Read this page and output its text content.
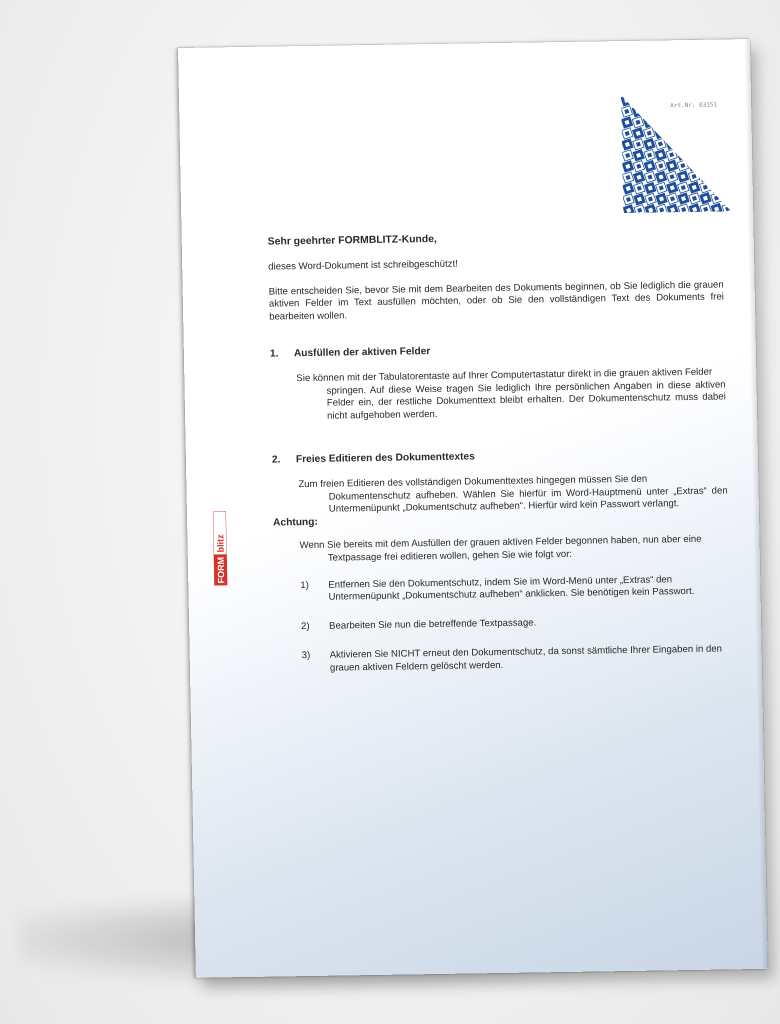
Art.Nr. 03151
FORM
blitz

Sehr geehrter FORMBLITZ-Kunde,

dieses Word-Dokument ist schreibgeschützt!

Bitte entscheiden Sie, bevor Sie mit dem Bearbeiten des Dokuments beginnen, ob Sie lediglich die grauen aktiven Felder im Text ausfüllen möchten, oder ob Sie den vollständigen Text des Dokuments frei bearbeiten wollen.

1.	Ausfüllen der aktiven Felder
Sie können mit der Tabulatorentaste auf Ihrer Computertastatur direkt in die grauen aktiven Felder
springen. Auf diese Weise tragen Sie lediglich Ihre persönlichen Angaben in diese aktiven Felder ein, der restliche Dokumenttext bleibt erhalten. Der Dokumentenschutz muss dabei nicht aufgehoben werden.
2.	Freies Editieren des Dokumenttextes
Zum freien Editieren des vollständigen Dokumenttextes hingegen müssen Sie den
Dokumentenschutz aufheben. Wählen Sie hierfür im Word-Hauptmenü unter „Extras“ den Untermenüpunkt „Dokumentschutz aufheben“. Hierfür wird kein Passwort verlangt.

Achtung:

Wenn Sie bereits mit dem Ausfüllen der grauen aktiven Felder begonnen haben, nun aber eine
Textpassage frei editieren wollen, gehen Sie wie folgt vor:
1)	Entfernen Sie den Dokumentschutz, indem Sie im Word-Menü unter „Extras“ den Untermenüpunkt „Dokumentschutz aufheben“ anklicken. Sie benötigen kein Passwort.
2)	Bearbeiten Sie nun die betreffende Textpassage.
3)	Aktivieren Sie NICHT erneut den Dokumentschutz, da sonst sämtliche Ihrer Eingaben in den grauen aktiven Feldern gelöscht werden.
